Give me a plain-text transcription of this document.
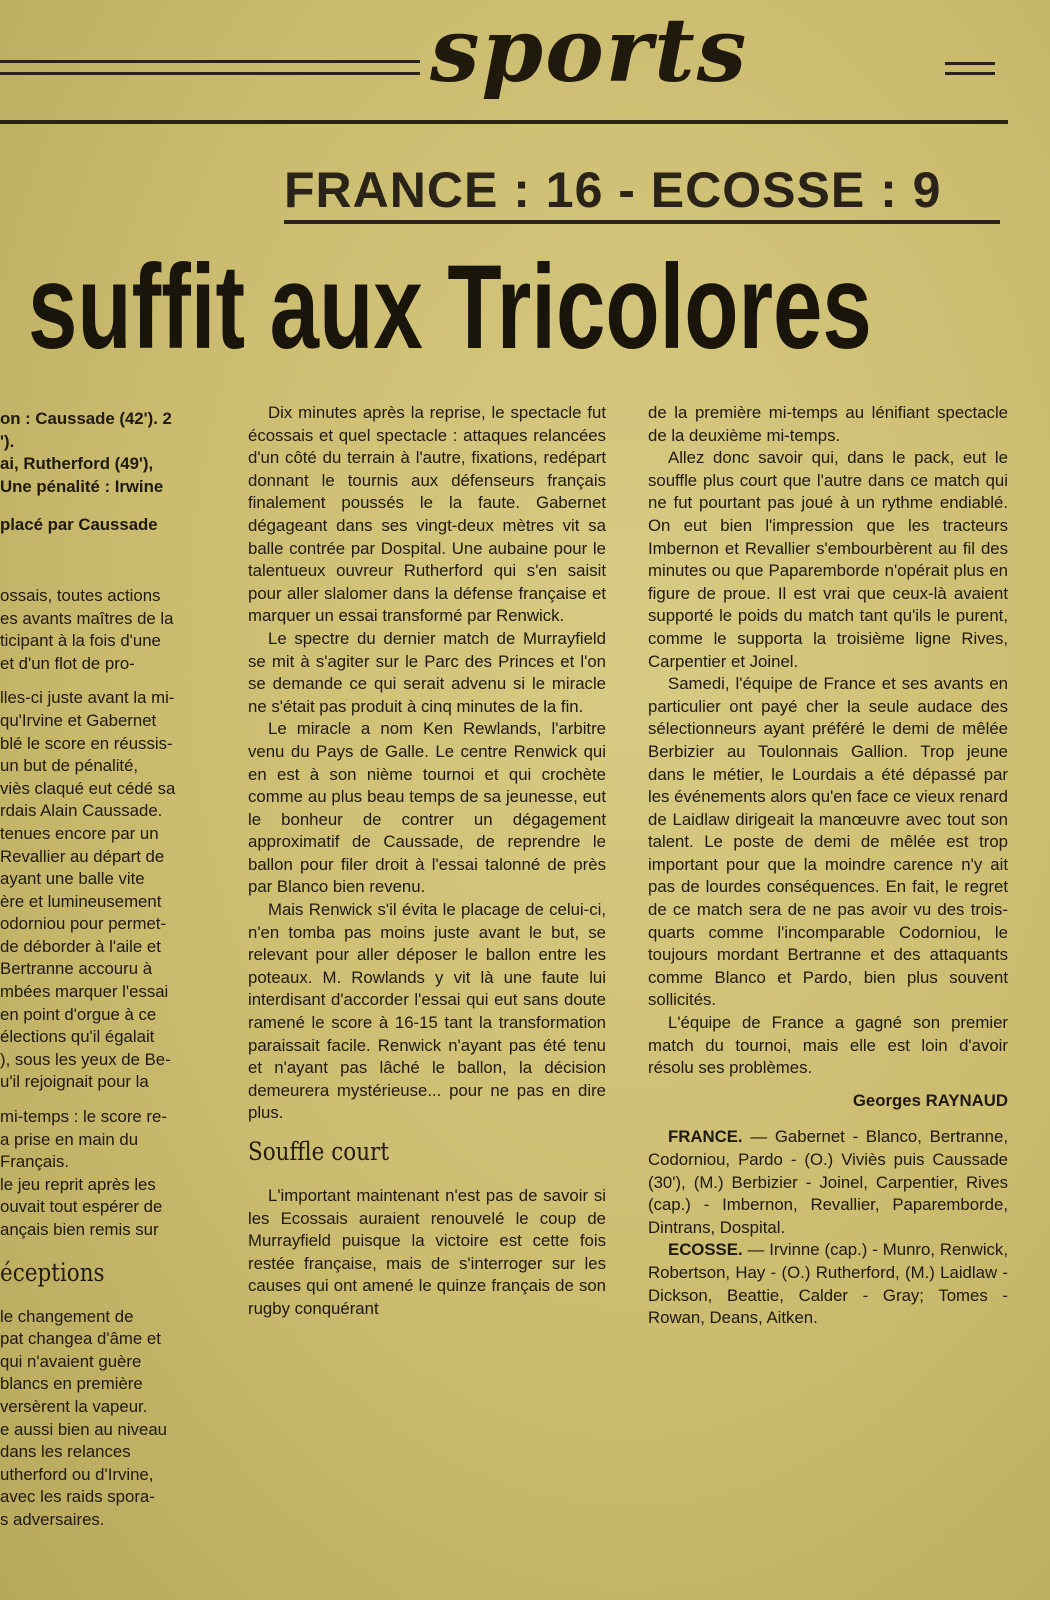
sports
FRANCE : 16 - ECOSSE : 9
suffit aux Tricolores
on : Caussade (42'). 2
').
ai, Rutherford (49'),
Une pénalité : Irwine
placé par Caussade
ossais, toutes actions
es avants maîtres de la
ticipant à la fois d'une
et d'un flot de pro-
lles-ci juste avant la mi-
qu'Irvine et Gabernet
blé le score en réussis-
un but de pénalité,
viès claqué eut cédé sa
rdais Alain Caussade.
tenues encore par un
Revallier au départ de
ayant une balle vite
ère et lumineusement
odorniou pour permet-
de déborder à l'aile et
Bertranne accouru à
mbées marquer l'essai
en point d'orgue à ce
élections qu'il égalait
), sous les yeux de Be-
u'il rejoignait pour la
mi-temps : le score re-
a prise en main du
Français.
le jeu reprit après les
ouvait tout espérer de
ançais bien remis sur
éceptions
le changement de
pat changea d'âme et
qui n'avaient guère
blancs en première
versèrent la vapeur.
e aussi bien au niveau
dans les relances
utherford ou d'Irvine,
avec les raids spora-
s adversaires.

Dix minutes après la reprise, le spectacle fut écossais et quel spectacle : attaques relancées d'un côté du terrain à l'autre, fixations, redépart donnant le tournis aux défenseurs français finalement poussés le la faute. Gabernet dégageant dans ses vingt-deux mètres vit sa balle contrée par Dospital. Une aubaine pour le talentueux ouvreur Rutherford qui s'en saisit pour aller slalomer dans la défense française et marquer un essai transformé par Renwick.

Le spectre du dernier match de Murrayfield se mit à s'agiter sur le Parc des Princes et l'on se demande ce qui serait advenu si le miracle ne s'était pas produit à cinq minutes de la fin.

Le miracle a nom Ken Rewlands, l'arbitre venu du Pays de Galle. Le centre Renwick qui en est à son nième tournoi et qui crochète comme au plus beau temps de sa jeunesse, eut le bonheur de contrer un dégagement approximatif de Caussade, de reprendre le ballon pour filer droit à l'essai talonné de près par Blanco bien revenu.

Mais Renwick s'il évita le placage de celui-ci, n'en tomba pas moins juste avant le but, se relevant pour aller déposer le ballon entre les poteaux. M. Rowlands y vit là une faute lui interdisant d'accorder l'essai qui eut sans doute ramené le score à 16-15 tant la transformation paraissait facile. Renwick n'ayant pas été tenu et n'ayant pas lâché le ballon, la décision demeurera mystérieuse... pour ne pas en dire plus.

Souffle court

L'important maintenant n'est pas de savoir si les Ecossais auraient renouvelé le coup de Murrayfield puisque la victoire est cette fois restée française, mais de s'interroger sur les causes qui ont amené le quinze français de son rugby conquérant

de la première mi-temps au lénifiant spectacle de la deuxième mi-temps.

Allez donc savoir qui, dans le pack, eut le souffle plus court que l'autre dans ce match qui ne fut pourtant pas joué à un rythme endiablé. On eut bien l'impression que les tracteurs Imbernon et Revallier s'embourbèrent au fil des minutes ou que Paparemborde n'opérait plus en figure de proue. Il est vrai que ceux-là avaient supporté le poids du match tant qu'ils le purent, comme le supporta la troisième ligne Rives, Carpentier et Joinel.

Samedi, l'équipe de France et ses avants en particulier ont payé cher la seule audace des sélectionneurs ayant préféré le demi de mêlée Berbizier au Toulonnais Gallion. Trop jeune dans le métier, le Lourdais a été dépassé par les événements alors qu'en face ce vieux renard de Laidlaw dirigeait la manœuvre avec tout son talent. Le poste de demi de mêlée est trop important pour que la moindre carence n'y ait pas de lourdes conséquences. En fait, le regret de ce match sera de ne pas avoir vu des trois-quarts comme l'incomparable Codorniou, le toujours mordant Bertranne et des attaquants comme Blanco et Pardo, bien plus souvent sollicités.

L'équipe de France a gagné son premier match du tournoi, mais elle est loin d'avoir résolu ses problèmes.

Georges RAYNAUD

FRANCE. — Gabernet - Blanco, Bertranne, Codorniou, Pardo - (O.) Viviès puis Caussade (30'), (M.) Berbizier - Joinel, Carpentier, Rives (cap.) - Imbernon, Revallier, Paparemborde, Dintrans, Dospital.

ECOSSE. — Irvinne (cap.) - Munro, Renwick, Robertson, Hay - (O.) Rutherford, (M.) Laidlaw - Dickson, Beattie, Calder - Gray; Tomes - Rowan, Deans, Aitken.
